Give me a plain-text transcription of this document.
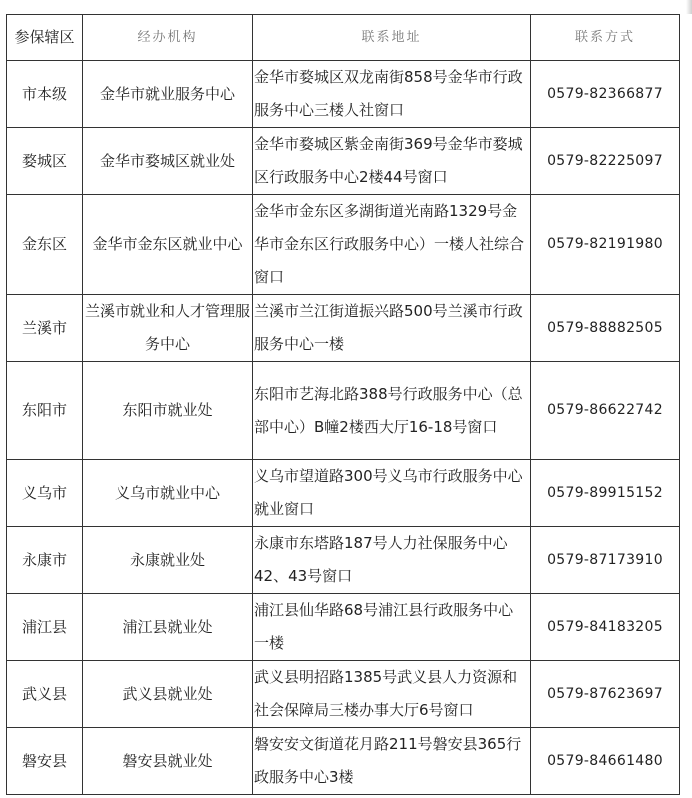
参保辖区	经办机构	联系地址	联系方式
市本级	金华市就业服务中心	金华市婺城区双龙南街858号金华市行政服务中心三楼人社窗口	0579-82366877
婺城区	金华市婺城区就业处	金华市婺城区紫金南街369号金华市婺城区行政服务中心2楼44号窗口	0579-82225097
金东区	金华市金东区就业中心	金华市金东区多湖街道光南路1329号金华市金东区行政服务中心）一楼人社综合窗口	0579-82191980
兰溪市	兰溪市就业和人才管理服务中心	兰溪市兰江街道振兴路500号兰溪市行政服务中心一楼	0579-88882505
东阳市	东阳市就业处	东阳市艺海北路388号行政服务中心（总部中心）B幢2楼西大厅16-18号窗口	0579-86622742
义乌市	义乌市就业中心	义乌市望道路300号义乌市行政服务中心就业窗口	0579-89915152
永康市	永康就业处	永康市东塔路187号人力社保服务中心42、43号窗口	0579-87173910
浦江县	浦江县就业处	浦江县仙华路68号浦江县行政服务中心一楼	0579-84183205
武义县	武义县就业处	武义县明招路1385号武义县人力资源和社会保障局三楼办事大厅6号窗口	0579-87623697
磐安县	磐安县就业处	磐安安文街道花月路211号磐安县365行政服务中心3楼	0579-84661480
